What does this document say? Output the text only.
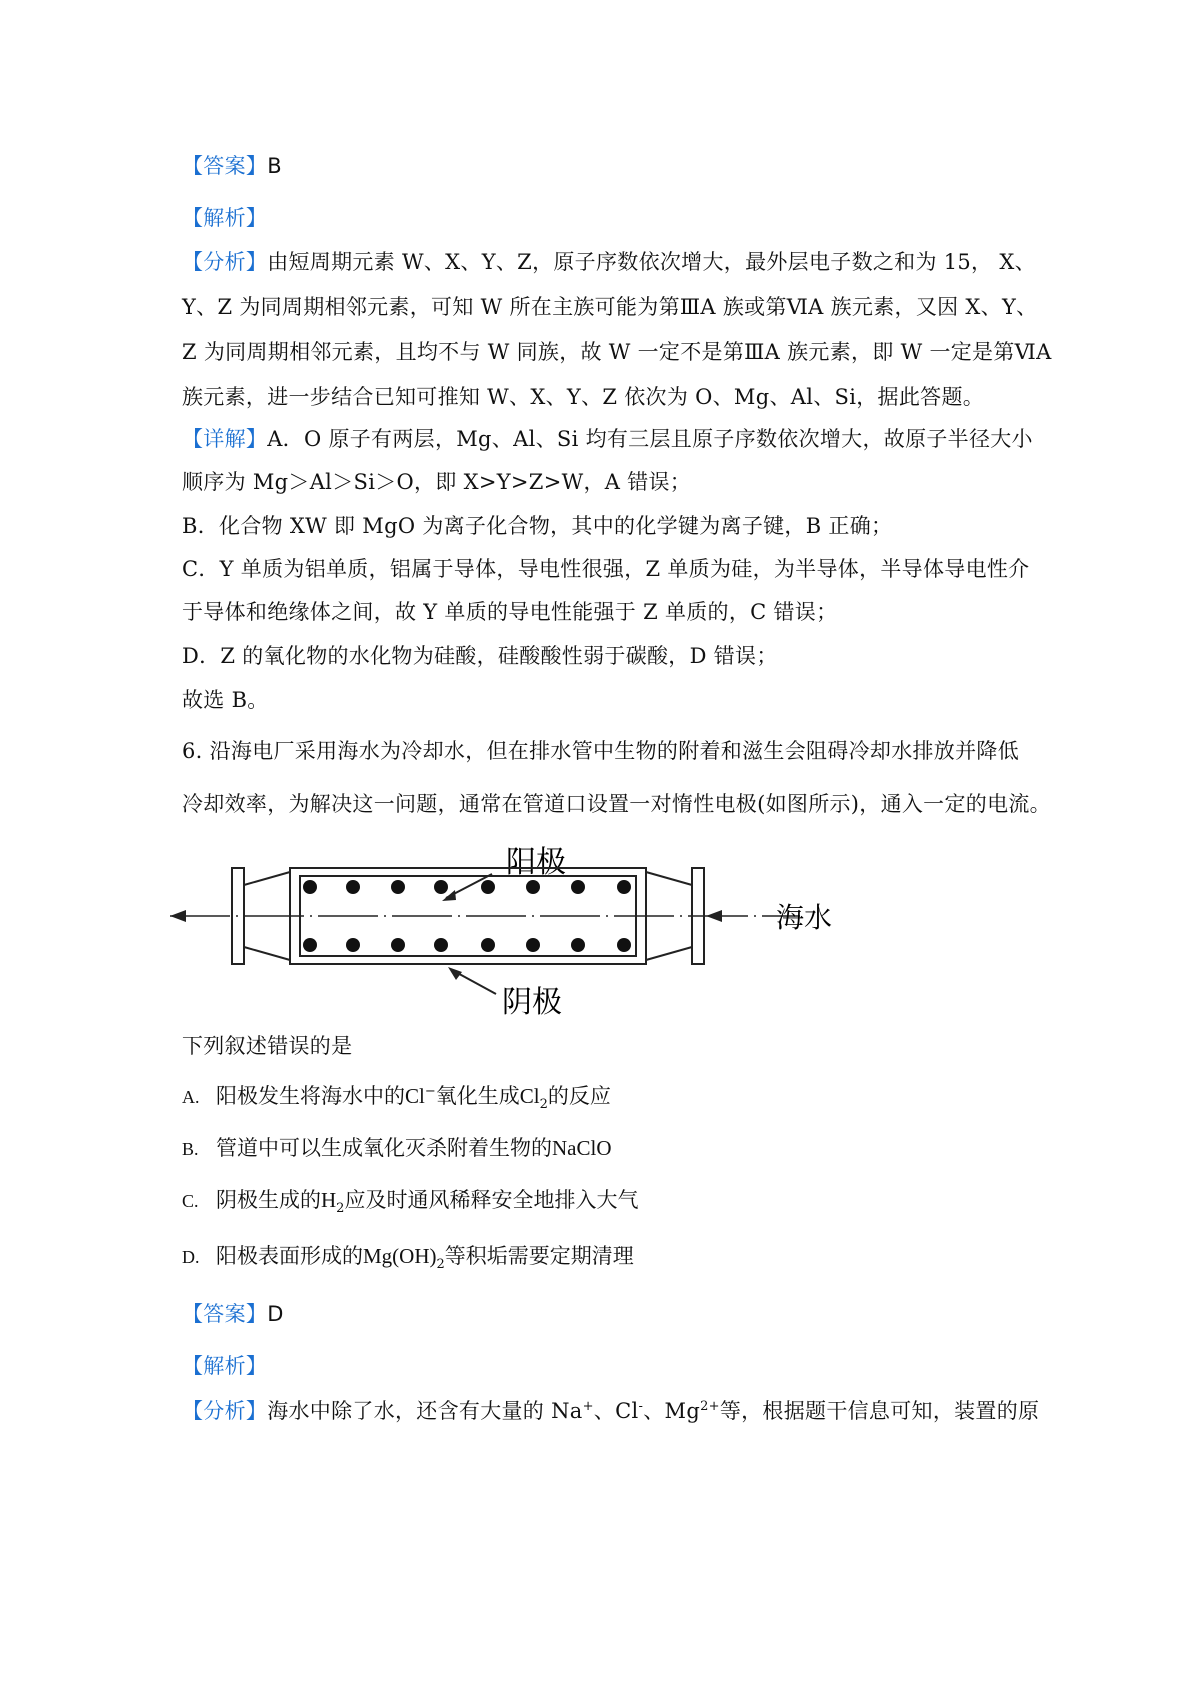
【答案】B
【解析】
【分析】由短周期元素 W、X、Y、Z，原子序数依次增大，最外层电子数之和为 15， X、
Y、Z 为同周期相邻元素，可知 W 所在主族可能为第ⅢA 族或第ⅥA 族元素，又因 X、Y、
Z 为同周期相邻元素，且均不与 W 同族，故 W 一定不是第ⅢA 族元素，即 W 一定是第ⅥA
族元素，进一步结合已知可推知 W、X、Y、Z 依次为 O、Mg、Al、Si，据此答题。
【详解】A．O 原子有两层，Mg、Al、Si 均有三层且原子序数依次增大，故原子半径大小
顺序为 Mg＞Al＞Si＞O，即 X>Y>Z>W，A 错误；
B．化合物 XW 即 MgO 为离子化合物，其中的化学键为离子键，B 正确；
C．Y 单质为铝单质，铝属于导体，导电性很强，Z 单质为硅，为半导体，半导体导电性介
于导体和绝缘体之间，故 Y 单质的导电性能强于 Z 单质的，C 错误；
D．Z 的氧化物的水化物为硅酸，硅酸酸性弱于碳酸，D 错误；
故选 B。
6. 沿海电厂采用海水为冷却水，但在排水管中生物的附着和滋生会阻碍冷却水排放并降低
冷却效率，为解决这一问题，通常在管道口设置一对惰性电极(如图所示)，通入一定的电流。
阳极
海水
阴极
下列叙述错误的是
A. 阳极发生将海水中的Cl−氧化生成$Cl_2$的反应
B. 管道中可以生成氧化灭杀附着生物的NaClO
C. 阴极生成的$H_2$应及时通风稀释安全地排入大气
D. 阳极表面形成的$Mg(OH)_2$等积垢需要定期清理
【答案】D
【解析】
【分析】海水中除了水，还含有大量的 Na+、Cl-、$Mg^{2+}$等，根据题干信息可知，装置的原
